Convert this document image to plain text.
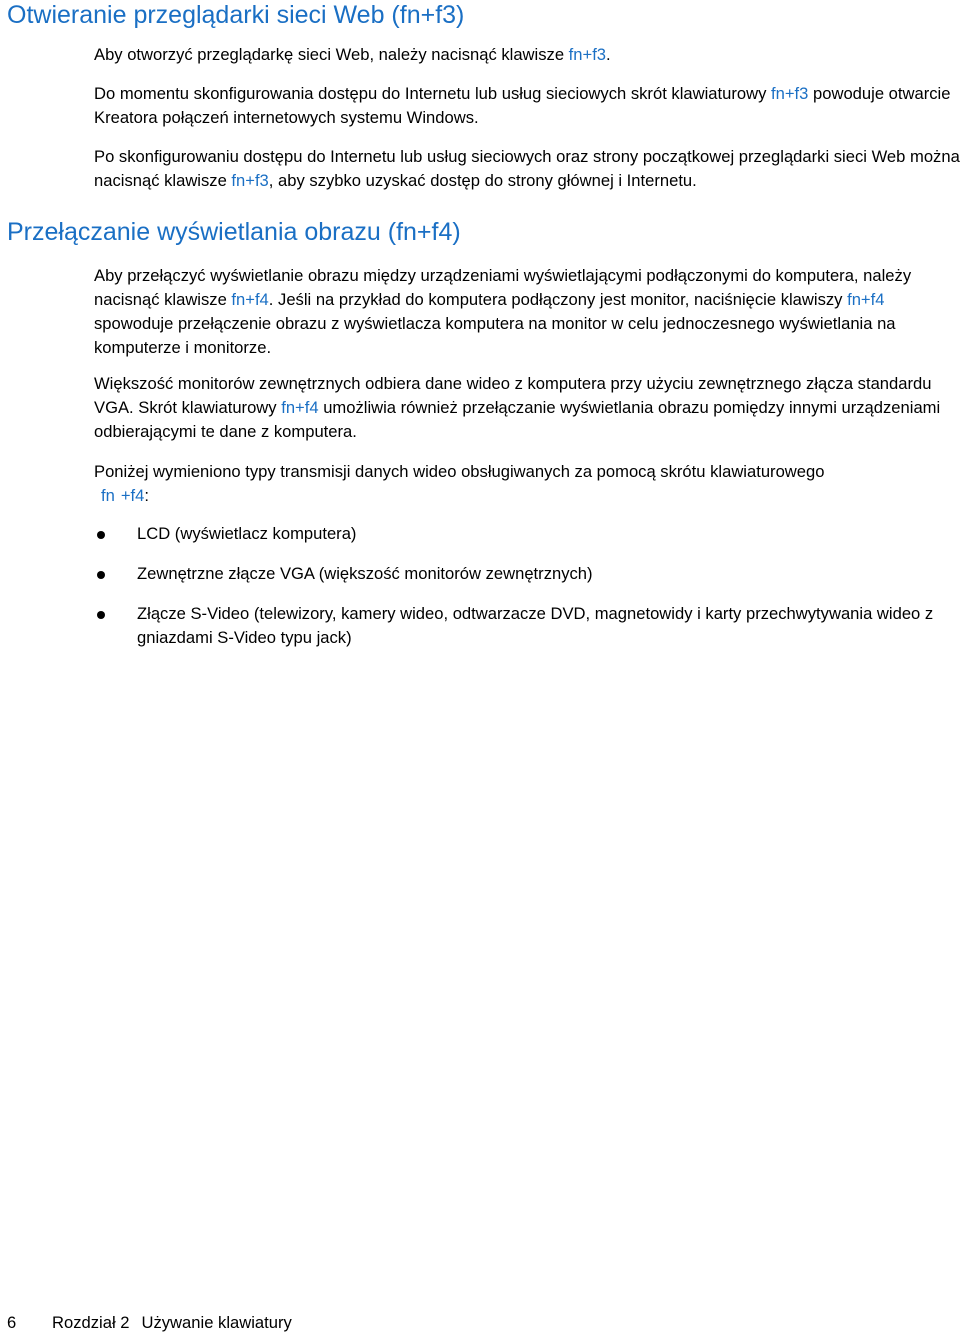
Otwieranie przeglądarki sieci Web (fn+f3)

Aby otworzyć przeglądarkę sieci Web, należy nacisnąć klawisze fn+f3.

Do momentu skonfigurowania dostępu do Internetu lub usług sieciowych skrót klawiaturowy fn+f3 powoduje otwarcie Kreatora połączeń internetowych systemu Windows.

Po skonfigurowaniu dostępu do Internetu lub usług sieciowych oraz strony początkowej przeglądarki sieci Web można nacisnąć klawisze fn+f3, aby szybko uzyskać dostęp do strony głównej i Internetu.

Przełączanie wyświetlania obrazu (fn+f4)

Aby przełączyć wyświetlanie obrazu między urządzeniami wyświetlającymi podłączonymi do komputera, należy nacisnąć klawisze fn+f4. Jeśli na przykład do komputera podłączony jest monitor, naciśnięcie klawiszy fn+f4 spowoduje przełączenie obrazu z wyświetlacza komputera na monitor w celu jednoczesnego wyświetlania na komputerze i monitorze.

Większość monitorów zewnętrznych odbiera dane wideo z komputera przy użyciu zewnętrznego złącza standardu VGA. Skrót klawiaturowy fn+f4 umożliwia również przełączanie wyświetlania obrazu pomiędzy innymi urządzeniami odbierającymi te dane z komputera.

Poniżej wymieniono typy transmisji danych wideo obsługiwanych za pomocą skrótu klawiaturowego
fn +f4:

LCD (wyświetlacz komputera)
Zewnętrzne złącze VGA (większość monitorów zewnętrznych)
Złącze S-Video (telewizory, kamery wideo, odtwarzacze DVD, magnetowidy i karty przechwytywania wideo z gniazdami S-Video typu jack)
6 Rozdział 2 Używanie klawiatury
